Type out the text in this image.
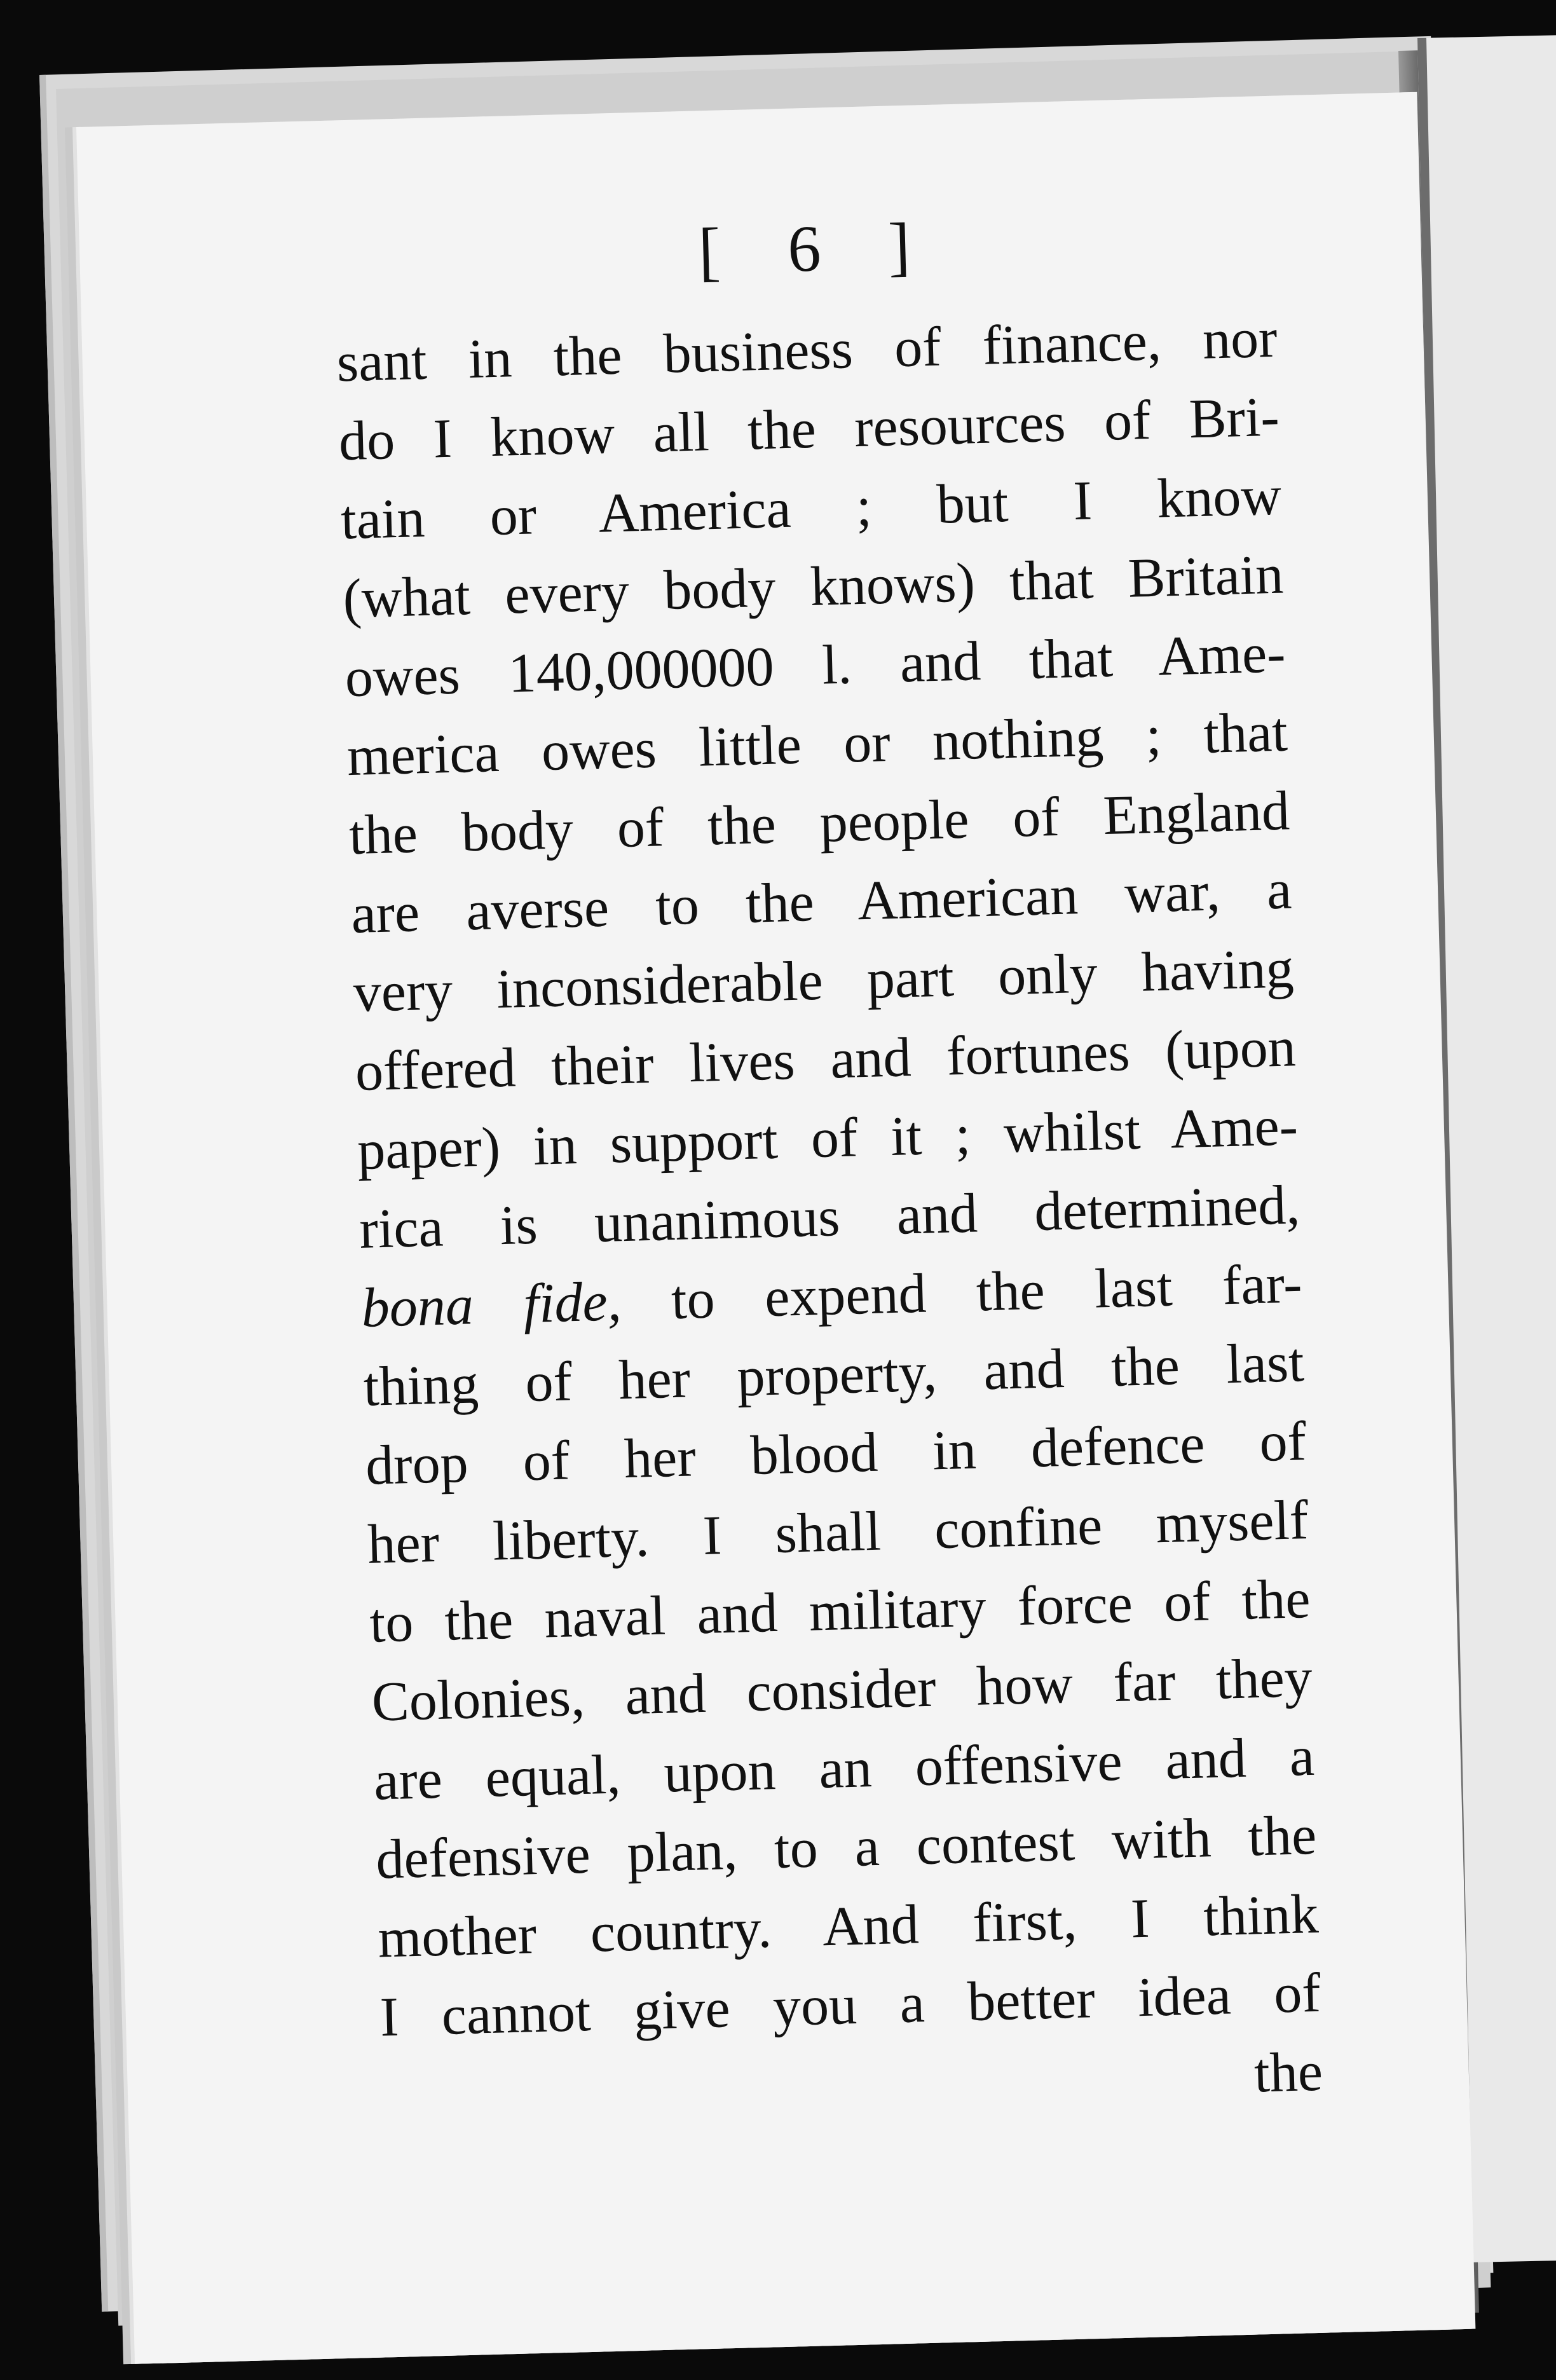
[ 6 ]
sant in the business of finance, nor
do I know all the resources of Bri-
tain or America ; but I know
(what every body knows) that Britain
owes 140,000000 l. and that Ame-
merica owes little or nothing ; that
the body of the people of England
are averse to the American war, a
very inconsiderable part only having
offered their lives and fortunes (upon
paper) in support of it ; whilst Ame-
rica is unanimous and determined,
bona fide, to expend the last far-
thing of her property, and the last
drop of her blood in defence of
her liberty. I shall confine myself
to the naval and military force of the
Colonies, and consider how far they
are equal, upon an offensive and a
defensive plan, to a contest with the
mother country. And first, I think
I cannot give you a better idea of
the
